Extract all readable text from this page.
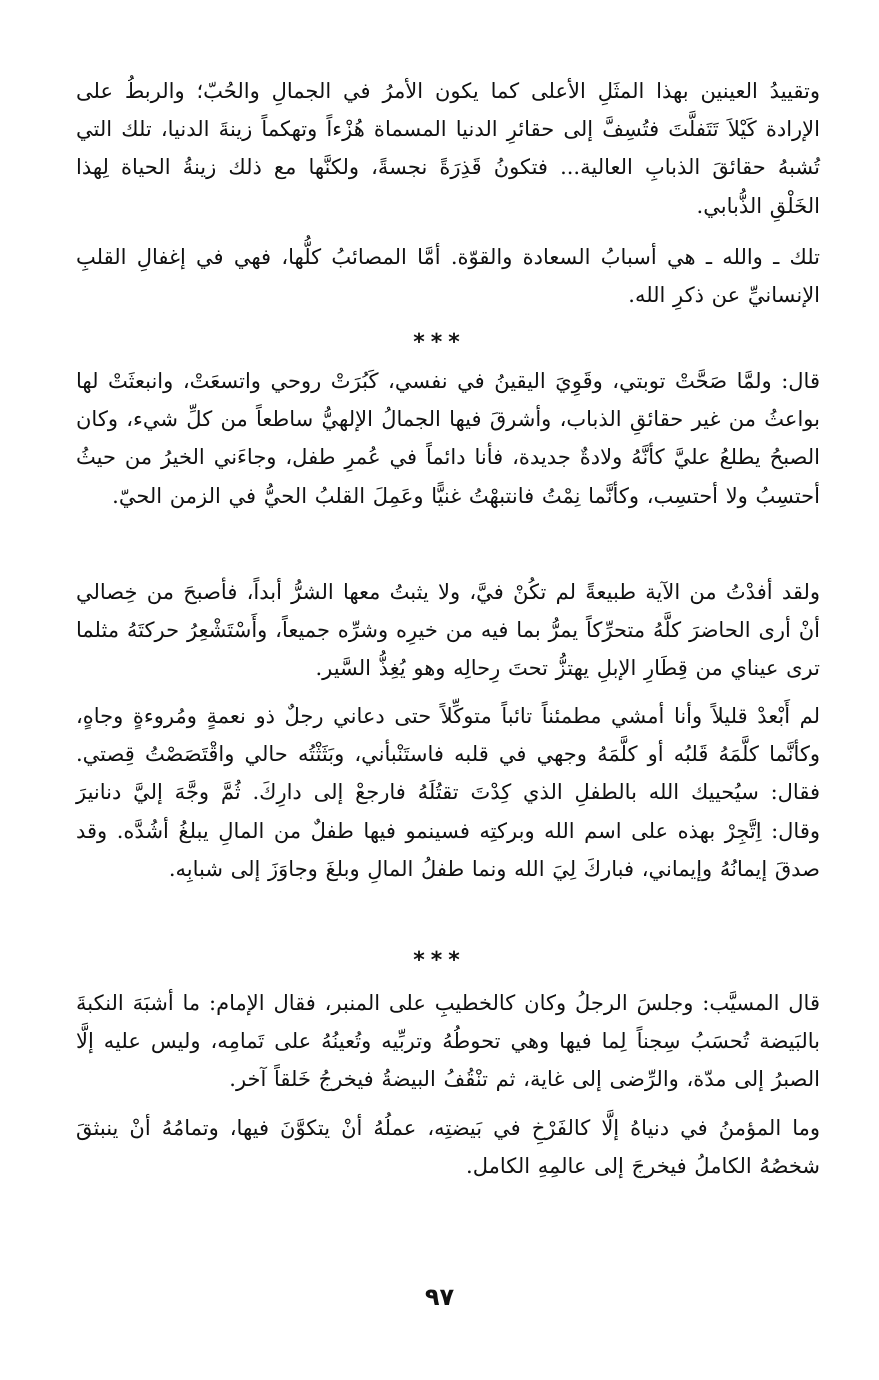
وتقييدُ العينين بهذا المثَلِ الأعلى كما يكون الأمرُ في الجمالِ والحُبّ؛ والربطُ على الإرادة كَيْلاَ تَتَفلَّتَ فتُسِفَّ إلى حقائرِ الدنيا المسماة هُزْءاً وتهكماً زينةَ الدنيا، تلك التي تُشبهُ حقائقَ الذبابِ العالية... فتكونُ قَذِرَةً نجسةً، ولكنَّها مع ذلك زينةُ الحياة لِهذا الخَلْقِ الذُّبابي.

تلك ـ والله ـ هي أسبابُ السعادة والقوّة. أمَّا المصائبُ كلُّها، فهي في إغفالِ القلبِ الإنسانيِّ عن ذكرِ الله.

***

قال: ولمَّا صَحَّتْ توبتي، وقَوِيَ اليقينُ في نفسي، كَبُرَتْ روحي واتسعَتْ، وانبعثَتْ لها بواعثُ من غير حقائقِ الذباب، وأشرقَ فيها الجمالُ الإلهيُّ ساطعاً من كلِّ شيء، وكان الصبحُ يطلعُ عليَّ كأنَّهُ ولادةٌ جديدة، فأنا دائماً في عُمرِ طفل، وجاءَني الخيرُ من حيثُ أحتسِبُ ولا أحتسِب، وكأنَّما نِمْتُ فانتبهْتُ غنيًّا وعَمِلَ القلبُ الحيُّ في الزمن الحيّ.

ولقد أفدْتُ من الآية طبيعةً لم تكُنْ فيَّ، ولا يثبتُ معها الشرُّ أبداً، فأصبحَ من خِصالي أنْ أرى الحاضرَ كلَّهُ متحرِّكاً يمرُّ بما فيه من خيرِه وشرِّه جميعاً، وأَسْتَشْعِرُ حركتَهُ مثلما ترى عيناي من قِطَارِ الإبلِ يهتزُّ تحتَ رِحالِه وهو يُغِذُّ السَّير.

لم أَبْعدْ قليلاً وأنا أمشي مطمئناً تائباً متوكِّلاً حتى دعاني رجلٌ ذو نعمةٍ ومُروءةٍ وجاهٍ، وكأنَّما كلَّمَهُ قَلبُه أو كلَّمَهُ وجهي في قلبه فاستَنْبأني، وبَثَثْتُه حالي واقْتَصَصْتُ قِصتي. فقال: سيُحييك الله بالطفلِ الذي كِدْتَ تقتُلَهُ فارجعْ إلى دارِكَ. ثُمَّ وجَّهَ إليَّ دنانيرَ وقال: اِتَّجِرْ بهذه على اسم الله وبركتِه فسينمو فيها طفلٌ من المالِ يبلغُ أشُدَّه. وقد صدقَ إيمانُهُ وإيماني، فباركَ لِيَ الله ونما طفلُ المالِ وبلغَ وجاوَزَ إلى شبابِه.

***

قال المسيَّب: وجلسَ الرجلُ وكان كالخطيبِ على المنبر، فقال الإمام: ما أشبَهَ النكبةَ بالبَيضة تُحسَبُ سِجناً لِما فيها وهي تحوطُهُ وتربِّيه وتُعينُهُ على تَمامِه، وليس عليه إلَّا الصبرُ إلى مدّة، والرِّضى إلى غاية، ثم تنْقُفُ البيضةُ فيخرجُ خَلقاً آخر.

وما المؤمنُ في دنياهُ إلَّا كالفَرْخِ في بَيضتِه، عملُهُ أنْ يتكوَّنَ فيها، وتمامُهُ أنْ ينبثقَ شخصُهُ الكاملُ فيخرجَ إلى عالمِهِ الكامل.

٩٧
